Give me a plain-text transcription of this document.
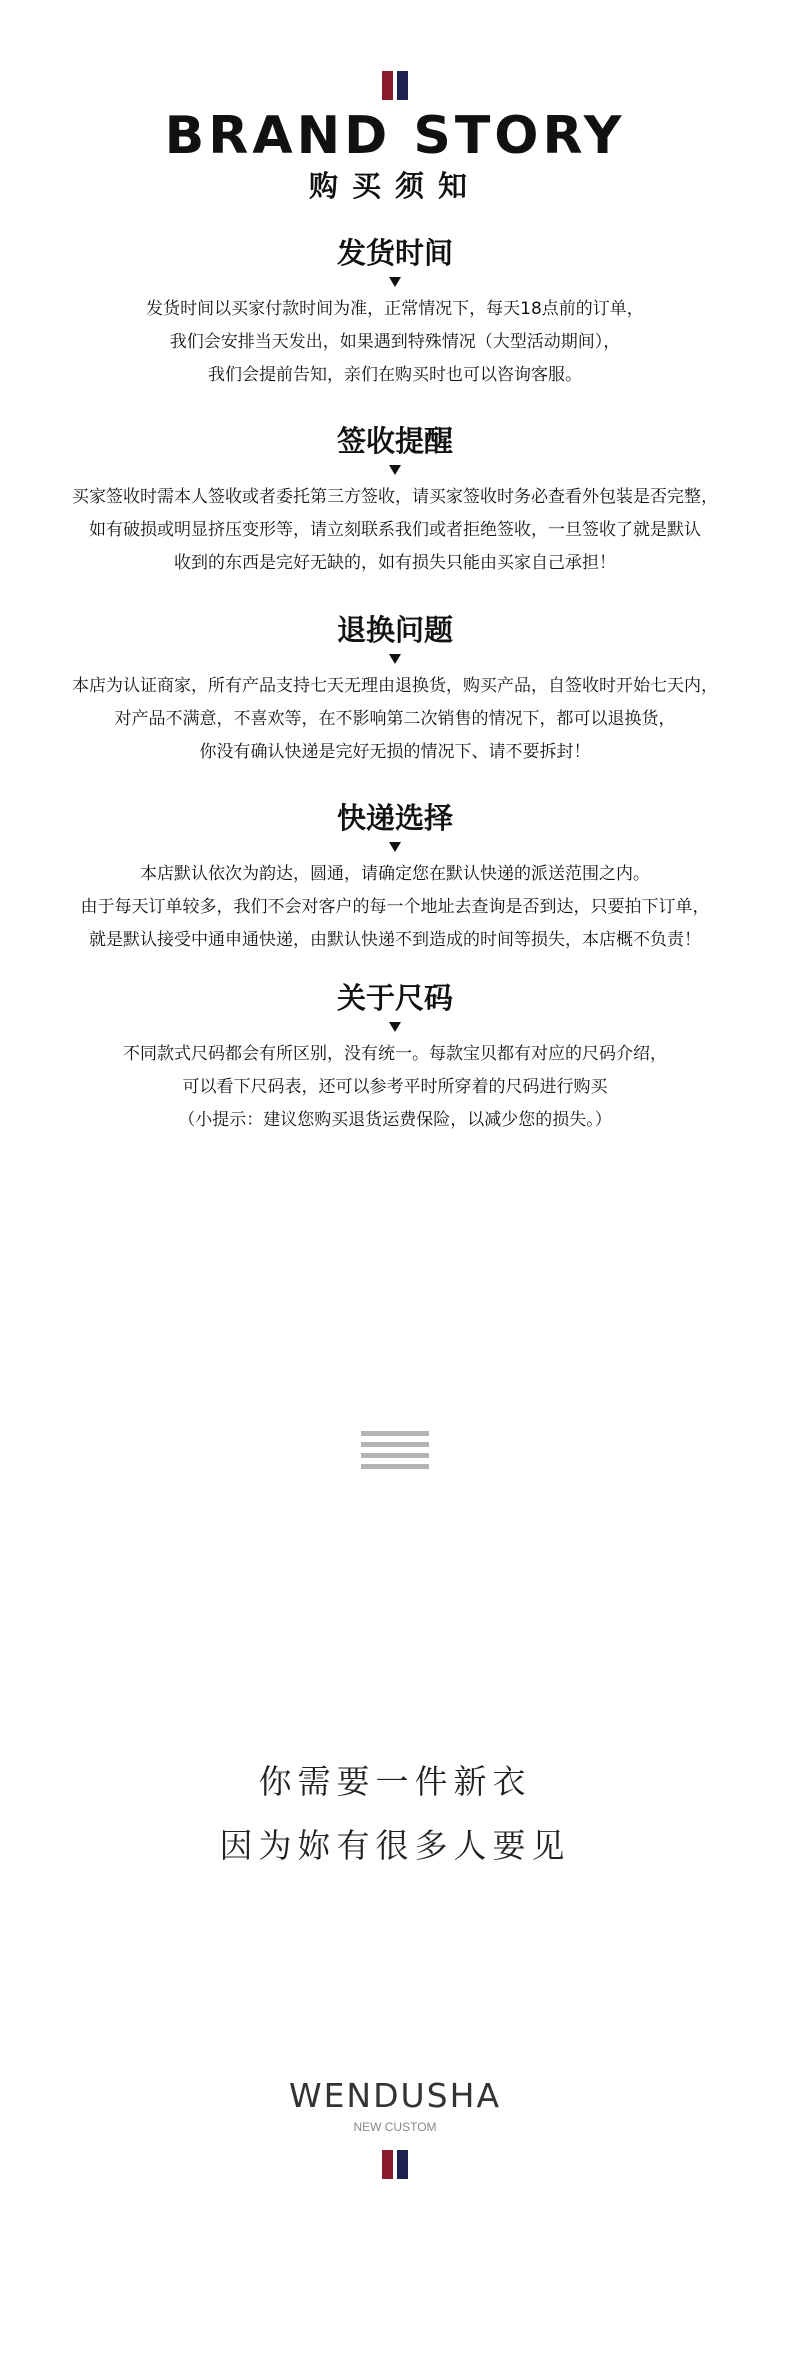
BRAND STORY
购买须知
发货时间

发货时间以买家付款时间为准，正常情况下，每天18点前的订单，

我们会安排当天发出，如果遇到特殊情况（大型活动期间），

我们会提前告知，亲们在购买时也可以咨询客服。

签收提醒

买家签收时需本人签收或者委托第三方签收，请买家签收时务必查看外包装是否完整，

如有破损或明显挤压变形等，请立刻联系我们或者拒绝签收，一旦签收了就是默认

收到的东西是完好无缺的，如有损失只能由买家自己承担！

退换问题

本店为认证商家，所有产品支持七天无理由退换货，购买产品，自签收时开始七天内，

对产品不满意，不喜欢等，在不影响第二次销售的情况下，都可以退换货，

你没有确认快递是完好无损的情况下、请不要拆封！

快递选择

本店默认依次为韵达，圆通，请确定您在默认快递的派送范围之内。

由于每天订单较多，我们不会对客户的每一个地址去查询是否到达，只要拍下订单，

就是默认接受中通申通快递，由默认快递不到造成的时间等损失，本店概不负责！

关于尺码

不同款式尺码都会有所区别，没有统一。每款宝贝都有对应的尺码介绍，

可以看下尺码表，还可以参考平时所穿着的尺码进行购买

（小提示：建议您购买退货运费保险，以减少您的损失。）

你需要一件新衣
因为妳有很多人要见
WENDUSHA
NEW CUSTOM
